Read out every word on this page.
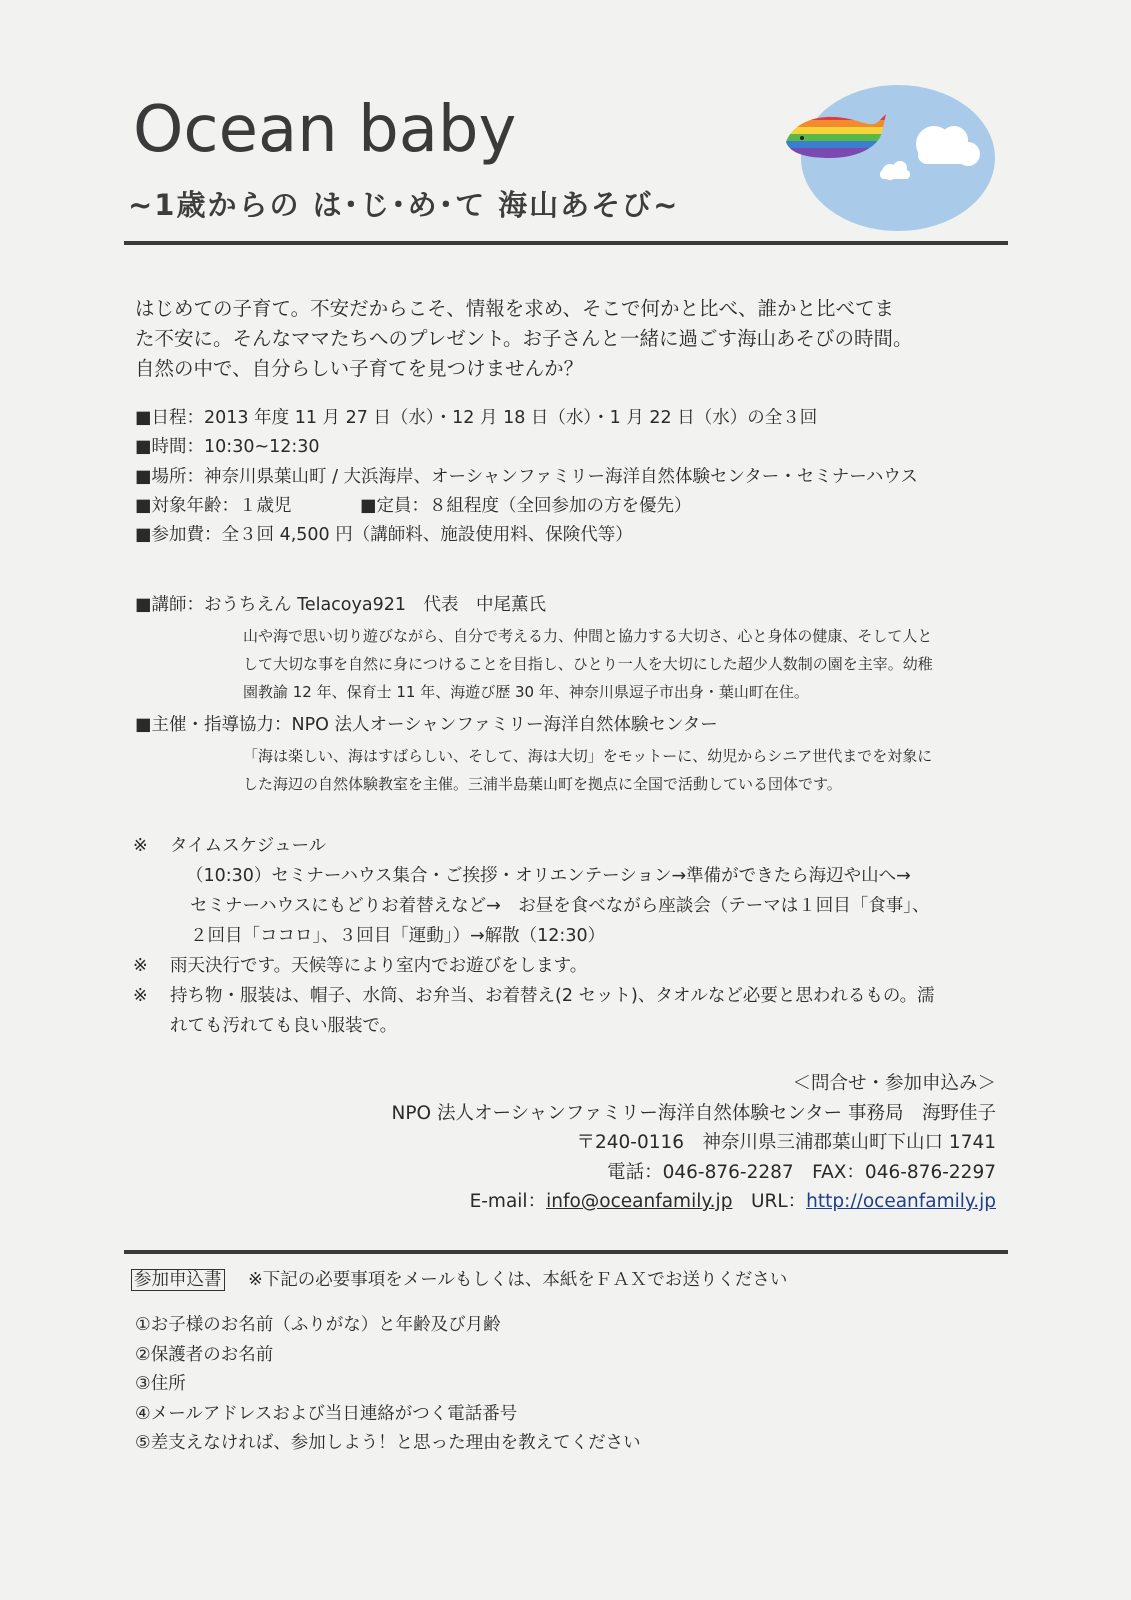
Ocean baby
~1歳からの は･じ･め･て 海山あそび~
はじめての子育て。不安だからこそ、情報を求め、そこで何かと比べ、誰かと比べてま
た不安に。そんなママたちへのプレゼント。お子さんと一緒に過ごす海山あそびの時間。
自然の中で、自分らしい子育てを見つけませんか？
■日程：2013 年度 11 月 27 日（水）・12 月 18 日（水）・1 月 22 日（水）の全３回
■時間：10:30~12:30
■場所：神奈川県葉山町 / 大浜海岸、オーシャンファミリー海洋自然体験センター・セミナーハウス
■対象年齢：１歳児	■定員：８組程度（全回参加の方を優先）
■参加費：全３回 4,500 円（講師料、施設使用料、保険代等）
■講師：おうちえん Telacoya921　代表　中尾薫氏
山や海で思い切り遊びながら、自分で考える力、仲間と協力する大切さ、心と身体の健康、そして人と
して大切な事を自然に身につけることを目指し、ひとり一人を大切にした超少人数制の園を主宰。幼稚
園教諭 12 年、保育士 11 年、海遊び歴 30 年、神奈川県逗子市出身・葉山町在住。
■主催・指導協力：NPO 法人オーシャンファミリー海洋自然体験センター
「海は楽しい、海はすばらしい、そして、海は大切」をモットーに、幼児からシニア世代までを対象に
した海辺の自然体験教室を主催。三浦半島葉山町を拠点に全国で活動している団体です。
※ タイムスケジュール
（10:30）セミナーハウス集合・ご挨拶・オリエンテーション→準備ができたら海辺や山へ→
セミナーハウスにもどりお着替えなど→　お昼を食べながら座談会（テーマは１回目「食事」、
２回目「ココロ」、３回目「運動」）→解散（12:30）
※ 雨天決行です。天候等により室内でお遊びをします。
※ 持ち物・服装は、帽子、水筒、お弁当、お着替え(2 セット)、タオルなど必要と思われるもの。濡
れても汚れても良い服装で。
＜問合せ・参加申込み＞
NPO 法人オーシャンファミリー海洋自然体験センター 事務局　海野佳子
〒240-0116　神奈川県三浦郡葉山町下山口 1741
電話：046-876-2287　FAX：046-876-2297
E-mail：info@oceanfamily.jp　 URL：http://oceanfamily.jp
参加申込書 ※下記の必要事項をメールもしくは、本紙をＦＡＸでお送りください
①お子様のお名前（ふりがな）と年齢及び月齢
②保護者のお名前
③住所
④メールアドレスおよび当日連絡がつく電話番号
⑤差支えなければ、参加しよう！と思った理由を教えてください
